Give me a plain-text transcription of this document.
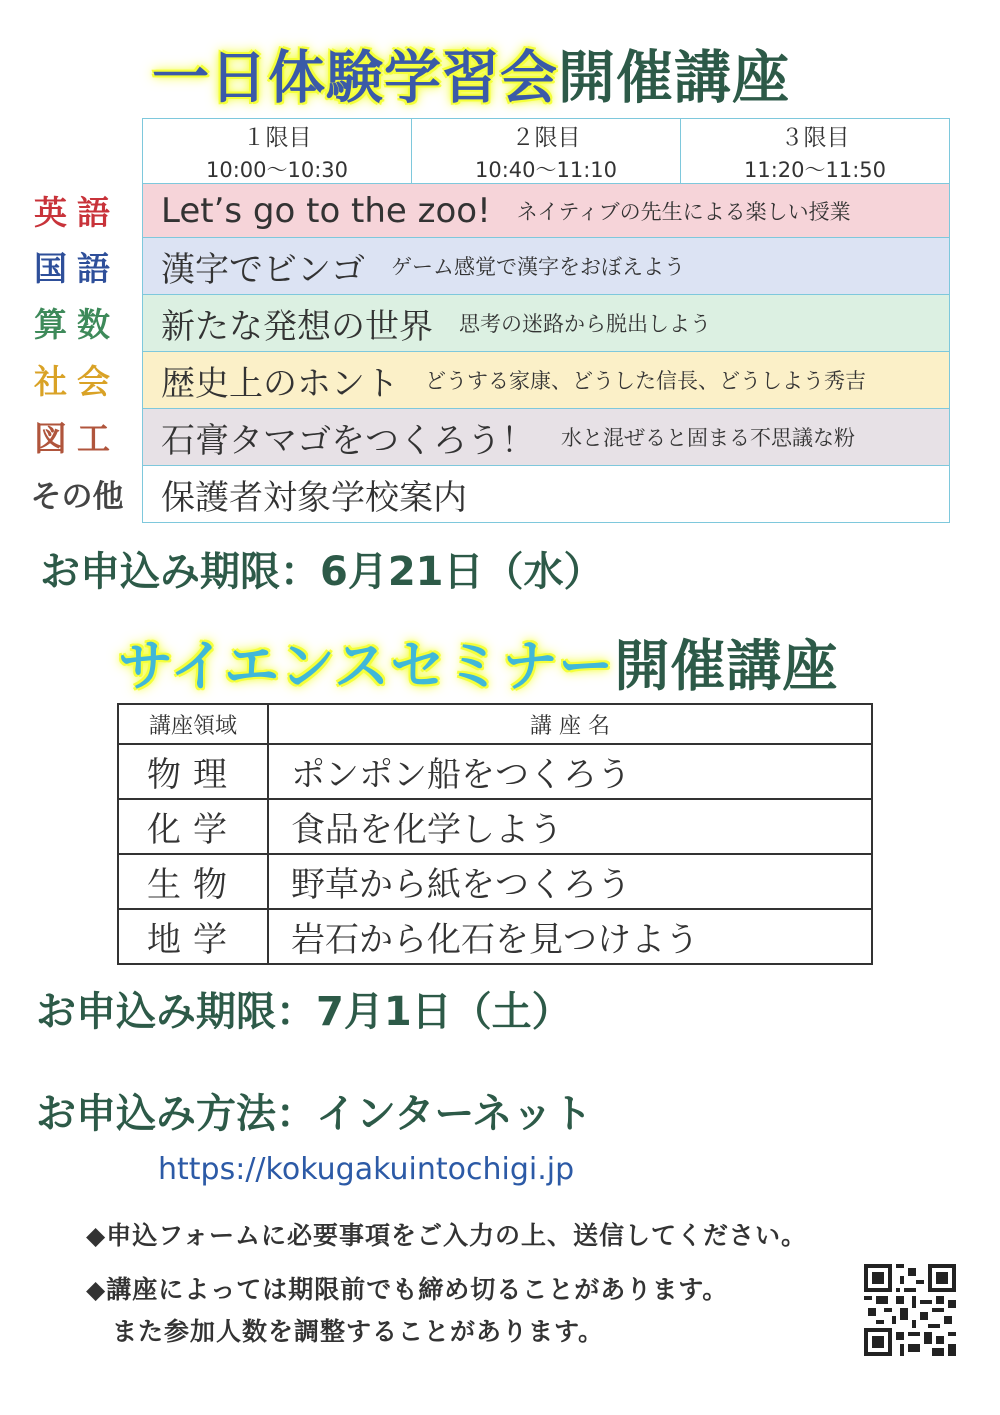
一日体験学習会開催講座
１限目
10:00～10:30
２限目
10:40～11:10
３限目
11:20～11:50
英語	Let’s go to the zoo! ネイティブの先生による楽しい授業
国語	漢字でビンゴ ゲーム感覚で漢字をおぼえよう
算数	新たな発想の世界 思考の迷路から脱出しよう
社会	歴史上のホント どうする家康、どうした信長、どうしよう秀吉
図工	石膏タマゴをつくろう！ 水と混ぜると固まる不思議な粉
その他	保護者対象学校案内
お申込み期限：6月21日（水）
サイエンスセミナー開催講座
講座領域	講 座 名
物理	ポンポン船をつくろう
化学	食品を化学しよう
生物	野草から紙をつくろう
地学	岩石から化石を見つけよう
お申込み期限：7月1日（土）
お申込み方法：インターネット
https://kokugakuintochigi.jp
◆申込フォームに必要事項をご入力の上、送信してください。
◆講座によっては期限前でも締め切ることがあります。
　また参加人数を調整することがあります。
